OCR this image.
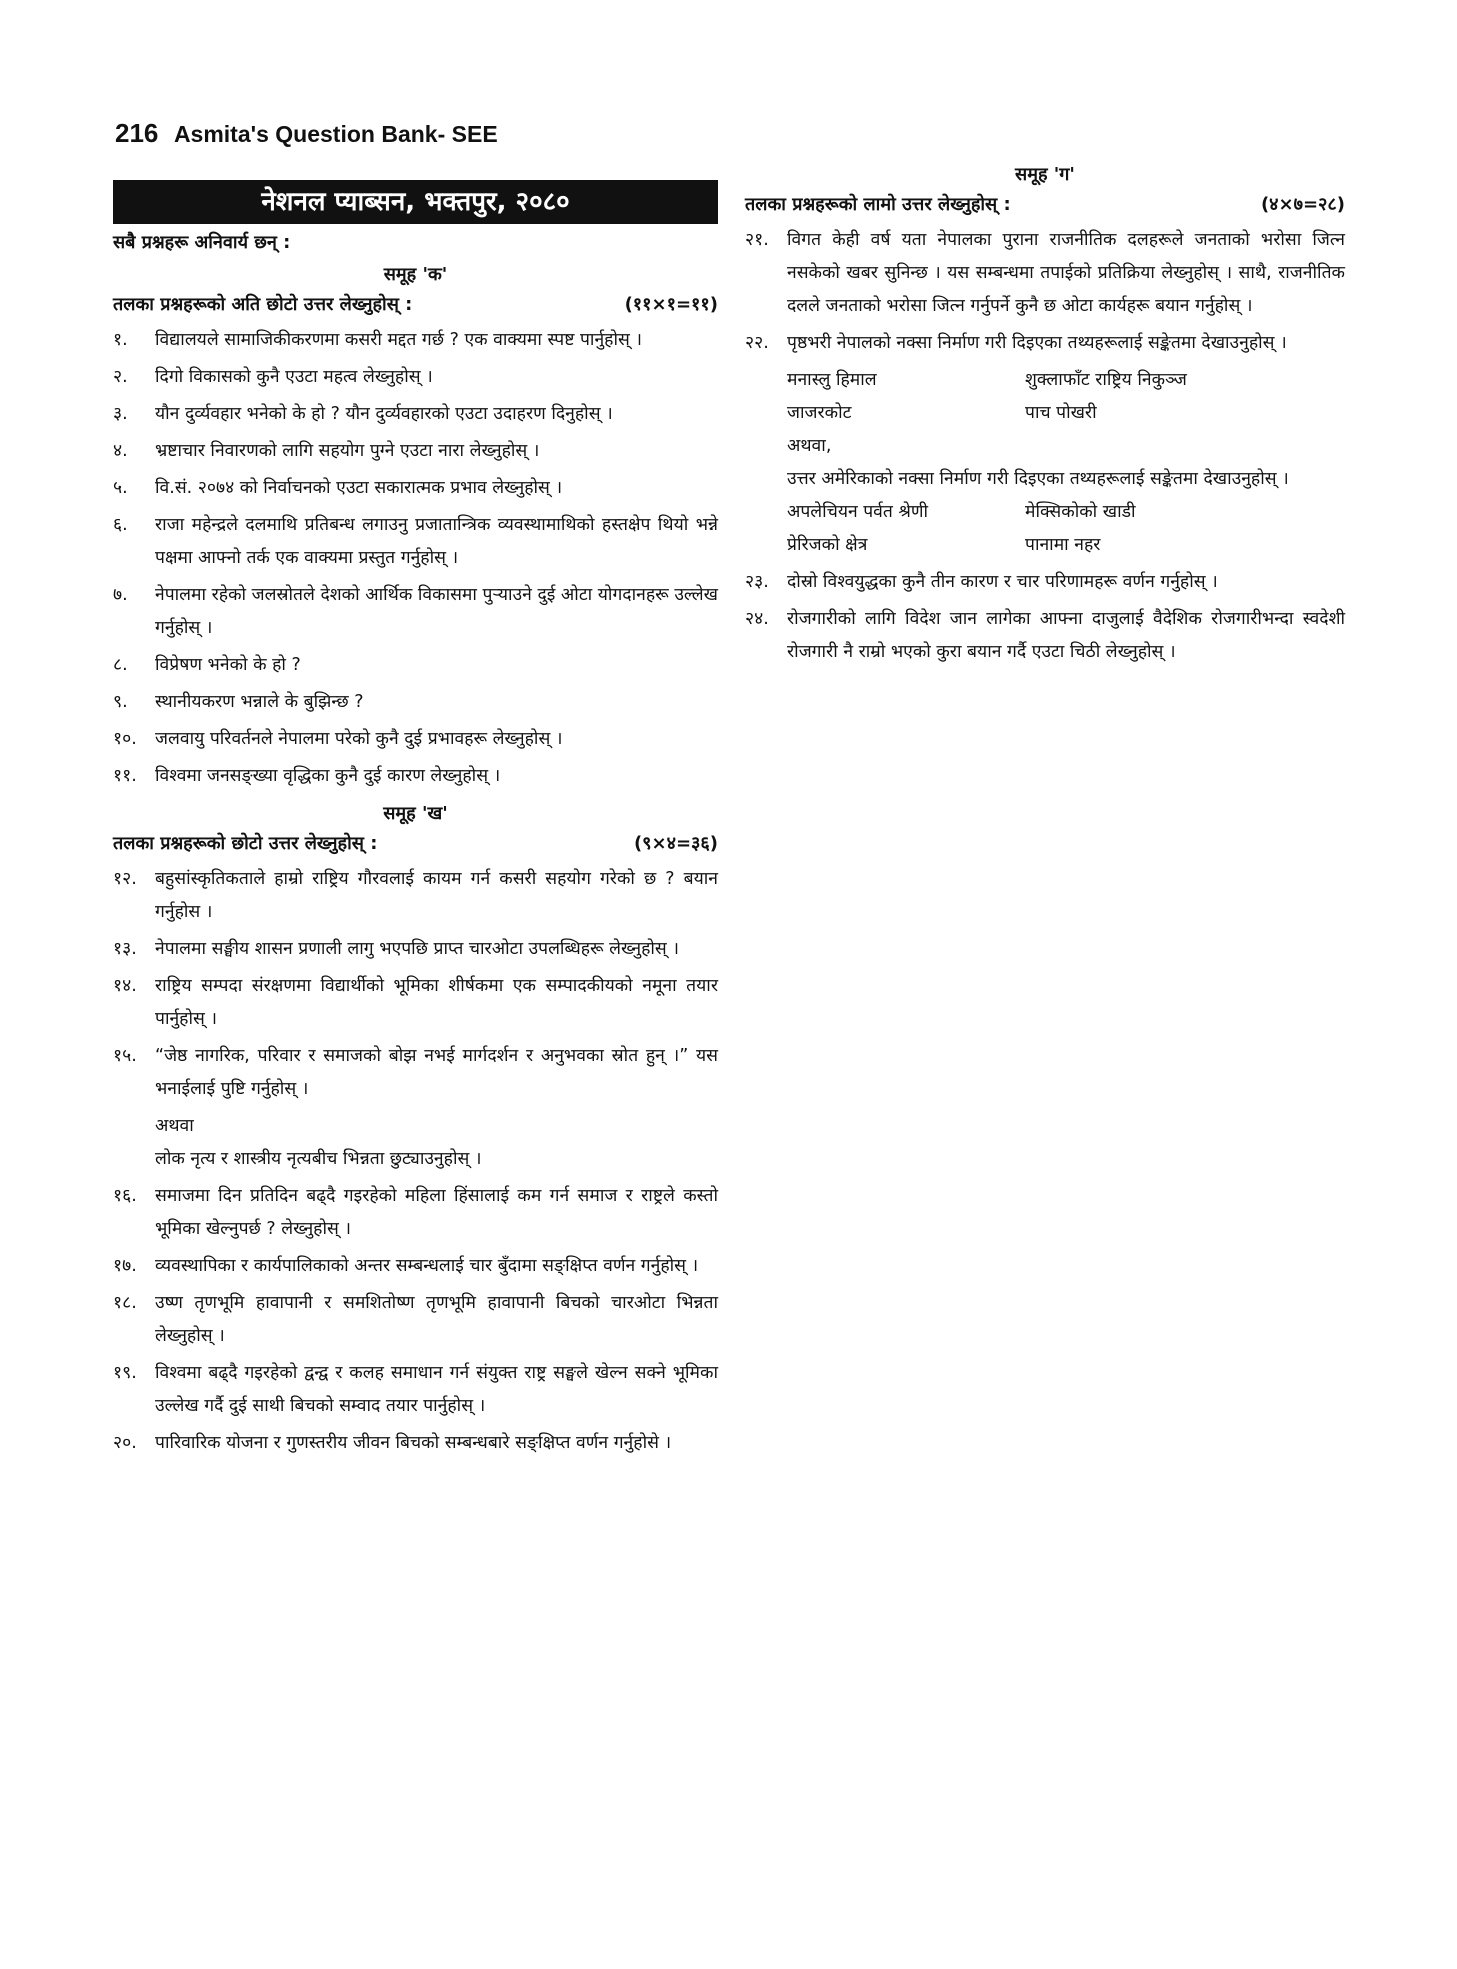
216 Asmita's Question Bank- SEE
नेशनल प्याब्सन, भक्तपुर, २०८०
सबै प्रश्नहरू अनिवार्य छन् :
समूह 'क'
तलका प्रश्नहरूको अति छोटो उत्तर लेख्नुहोस् :	(११×१=११)
१.	विद्यालयले सामाजिकीकरणमा कसरी मद्दत गर्छ ? एक वाक्यमा स्पष्ट पार्नुहोस् ।
२.	दिगो विकासको कुनै एउटा महत्व लेख्नुहोस् ।
३.	यौन दुर्व्यवहार भनेको के हो ? यौन दुर्व्यवहारको एउटा उदाहरण दिनुहोस् ।
४.	भ्रष्टाचार निवारणको लागि सहयोग पुग्ने एउटा नारा लेख्नुहोस् ।
५.	वि.सं. २०७४ को निर्वाचनको एउटा सकारात्मक प्रभाव लेख्नुहोस् ।
६.	राजा महेन्द्रले दलमाथि प्रतिबन्ध लगाउनु प्रजातान्त्रिक व्यवस्थामाथिको हस्तक्षेप थियो भन्ने पक्षमा आफ्नो तर्क एक वाक्यमा प्रस्तुत गर्नुहोस् ।
७.	नेपालमा रहेको जलस्रोतले देशको आर्थिक विकासमा पुऱ्याउने दुई ओटा योगदानहरू उल्लेख गर्नुहोस् ।
८.	विप्रेषण भनेको के हो ?
९.	स्थानीयकरण भन्नाले के बुझिन्छ ?
१०.	जलवायु परिवर्तनले नेपालमा परेको कुनै दुई प्रभावहरू लेख्नुहोस् ।
११.	विश्वमा जनसङ्ख्या वृद्धिका कुनै दुई कारण लेख्नुहोस् ।
समूह 'ख'
तलका प्रश्नहरूको छोटो उत्तर लेख्नुहोस् :	(९×४=३६)
१२.	बहुसांस्कृतिकताले हाम्रो राष्ट्रिय गौरवलाई कायम गर्न कसरी सहयोग गरेको छ ? बयान गर्नुहोस ।
१३.	नेपालमा सङ्घीय शासन प्रणाली लागु भएपछि प्राप्त चारओटा उपलब्धिहरू लेख्नुहोस् ।
१४.	राष्ट्रिय सम्पदा संरक्षणमा विद्यार्थीको भूमिका शीर्षकमा एक सम्पादकीयको नमूना तयार पार्नुहोस् ।
१५.	“जेष्ठ नागरिक, परिवार र समाजको बोझ नभई मार्गदर्शन र अनुभवका स्रोत हुन् ।” यस भनाईलाई पुष्टि गर्नुहोस् ।
अथवा
लोक नृत्य र शास्त्रीय नृत्यबीच भिन्नता छुट्याउनुहोस् ।
१६.	समाजमा दिन प्रतिदिन बढ्दै गइरहेको महिला हिंसालाई कम गर्न समाज र राष्ट्रले कस्तो भूमिका खेल्नुपर्छ ? लेख्नुहोस् ।
१७.	व्यवस्थापिका र कार्यपालिकाको अन्तर सम्बन्धलाई चार बुँदामा सङ्क्षिप्त वर्णन गर्नुहोस् ।
१८.	उष्ण तृणभूमि हावापानी र समशितोष्ण तृणभूमि हावापानी बिचको चारओटा भिन्नता लेख्नुहोस् ।
१९.	विश्वमा बढ्दै गइरहेको द्वन्द्व र कलह समाधान गर्न संयुक्त राष्ट्र सङ्घले खेल्न सक्ने भूमिका उल्लेख गर्दै दुई साथी बिचको सम्वाद तयार पार्नुहोस् ।
२०.	पारिवारिक योजना र गुणस्तरीय जीवन बिचको सम्बन्धबारे सङ्क्षिप्त वर्णन गर्नुहोसे ।
समूह 'ग'
तलका प्रश्नहरूको लामो उत्तर लेख्नुहोस् :	(४×७=२८)
२१.	विगत केही वर्ष यता नेपालका पुराना राजनीतिक दलहरूले जनताको भरोसा जित्न नसकेको खबर सुनिन्छ । यस सम्बन्धमा तपाईको प्रतिक्रिया लेख्नुहोस् । साथै, राजनीतिक दलले जनताको भरोसा जित्न गर्नुपर्ने कुनै छ ओटा कार्यहरू बयान गर्नुहोस् ।
२२.	पृष्ठभरी नेपालको नक्सा निर्माण गरी दिइएका तथ्यहरूलाई सङ्केतमा देखाउनुहोस् ।
मनास्लु हिमाल	शुक्लाफाँट राष्ट्रिय निकुञ्ज
जाजरकोट	पाच पोखरी
अथवा,
उत्तर अमेरिकाको नक्सा निर्माण गरी दिइएका तथ्यहरूलाई सङ्केतमा देखाउनुहोस् ।
अपलेचियन पर्वत श्रेणी	मेक्सिकोको खाडी
प्रेरिजको क्षेत्र	पानामा नहर
२३.	दोस्रो विश्वयुद्धका कुनै तीन कारण र चार परिणामहरू वर्णन गर्नुहोस् ।
२४.	रोजगारीको लागि विदेश जान लागेका आफ्ना दाजुलाई वैदेशिक रोजगारीभन्दा स्वदेशी रोजगारी नै राम्रो भएको कुरा बयान गर्दै एउटा चिठी लेख्नुहोस् ।
